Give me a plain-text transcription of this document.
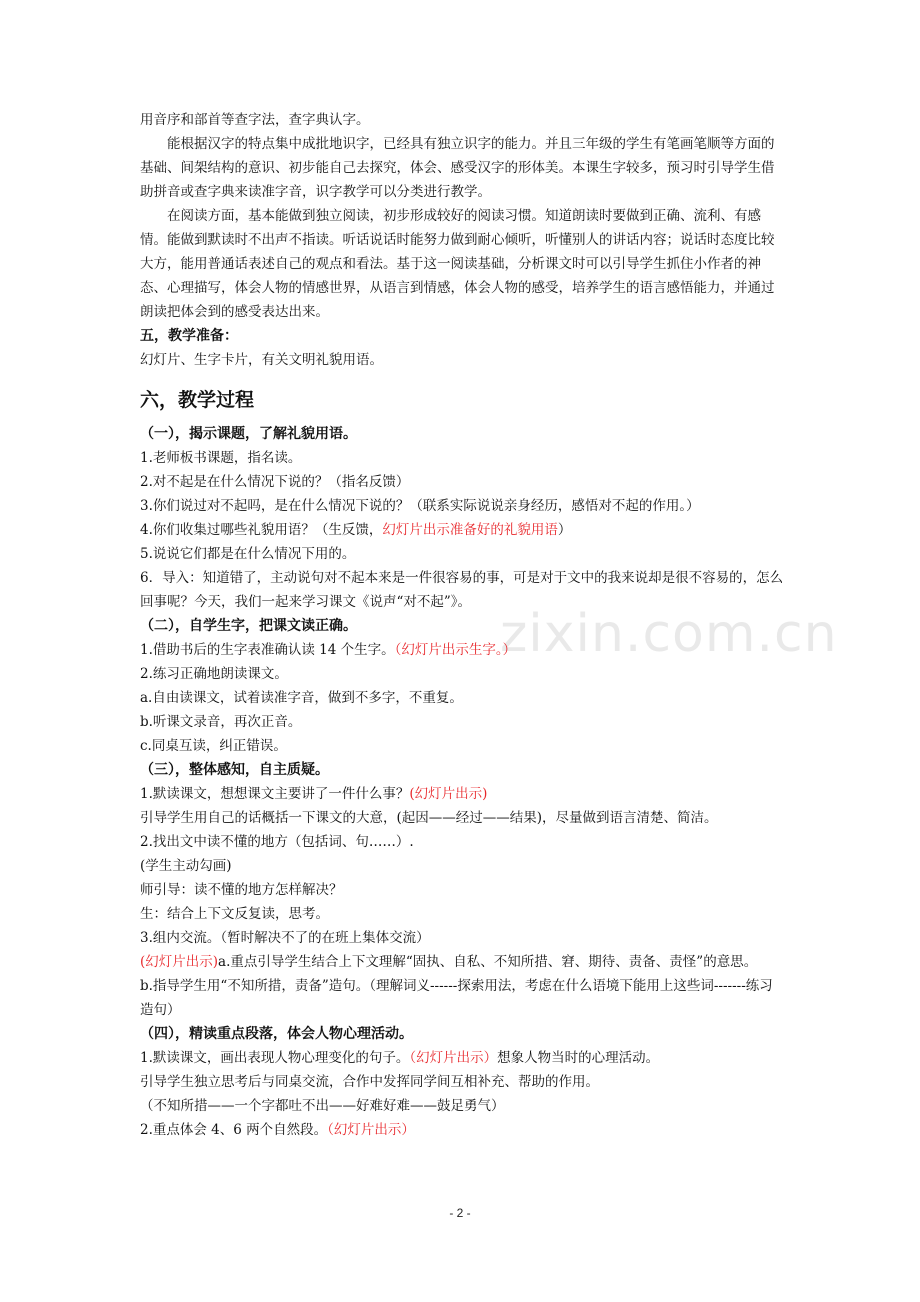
zixin.com.cn

用音序和部首等查字法，查字典认字。

能根据汉字的特点集中成批地识字，已经具有独立识字的能力。并且三年级的学生有笔画笔顺等方面的基础、间架结构的意识、初步能自己去探究，体会、感受汉字的形体美。本课生字较多，预习时引导学生借助拼音或查字典来读准字音，识字教学可以分类进行教学。

在阅读方面，基本能做到独立阅读，初步形成较好的阅读习惯。知道朗读时要做到正确、流利、有感情。能做到默读时不出声不指读。听话说话时能努力做到耐心倾听，听懂别人的讲话内容；说话时态度比较大方，能用普通话表述自己的观点和看法。基于这一阅读基础，分析课文时可以引导学生抓住小作者的神态、心理描写，体会人物的情感世界，从语言到情感，体会人物的感受，培养学生的语言感悟能力，并通过朗读把体会到的感受表达出来。

五，教学准备：

幻灯片、生字卡片，有关文明礼貌用语。

六，教学过程

（一），揭示课题，了解礼貌用语。

1.老师板书课题，指名读。

2.对不起是在什么情况下说的？（指名反馈）

3.你们说过对不起吗，是在什么情况下说的？（联系实际说说亲身经历，感悟对不起的作用。）

4.你们收集过哪些礼貌用语？（生反馈，幻灯片出示准备好的礼貌用语）

5.说说它们都是在什么情况下用的。

6．导入：知道错了，主动说句对不起本来是一件很容易的事，可是对于文中的我来说却是很不容易的，怎么回事呢？今天，我们一起来学习课文《说声“对不起”》。

（二），自学生字，把课文读正确。

1.借助书后的生字表准确认读 14 个生字。（幻灯片出示生字。）

2.练习正确地朗读课文。

a.自由读课文，试着读准字音，做到不多字，不重复。

b.听课文录音，再次正音。

c.同桌互读，纠正错误。

（三），整体感知，自主质疑。

1.默读课文，想想课文主要讲了一件什么事？(幻灯片出示)

引导学生用自己的话概括一下课文的大意，(起因——经过——结果)，尽量做到语言清楚、简洁。

2.找出文中读不懂的地方（包括词、句……）.

(学生主动勾画)

师引导：读不懂的地方怎样解决？

生：结合上下文反复读，思考。

3.组内交流。（暂时解决不了的在班上集体交流）

(幻灯片出示)a.重点引导学生结合上下文理解“固执、自私、不知所措、窘、期待、责备、责怪”的意思。

b.指导学生用“不知所措，责备”造句。（理解词义------探索用法，考虑在什么语境下能用上这些词-------练习造句）

（四），精读重点段落，体会人物心理活动。

1.默读课文，画出表现人物心理变化的句子。（幻灯片出示）想象人物当时的心理活动。

引导学生独立思考后与同桌交流，合作中发挥同学间互相补充、帮助的作用。

（不知所措——一个字都吐不出——好难好难——鼓足勇气）

2.重点体会 4、6 两个自然段。（幻灯片出示）

- 2 -
